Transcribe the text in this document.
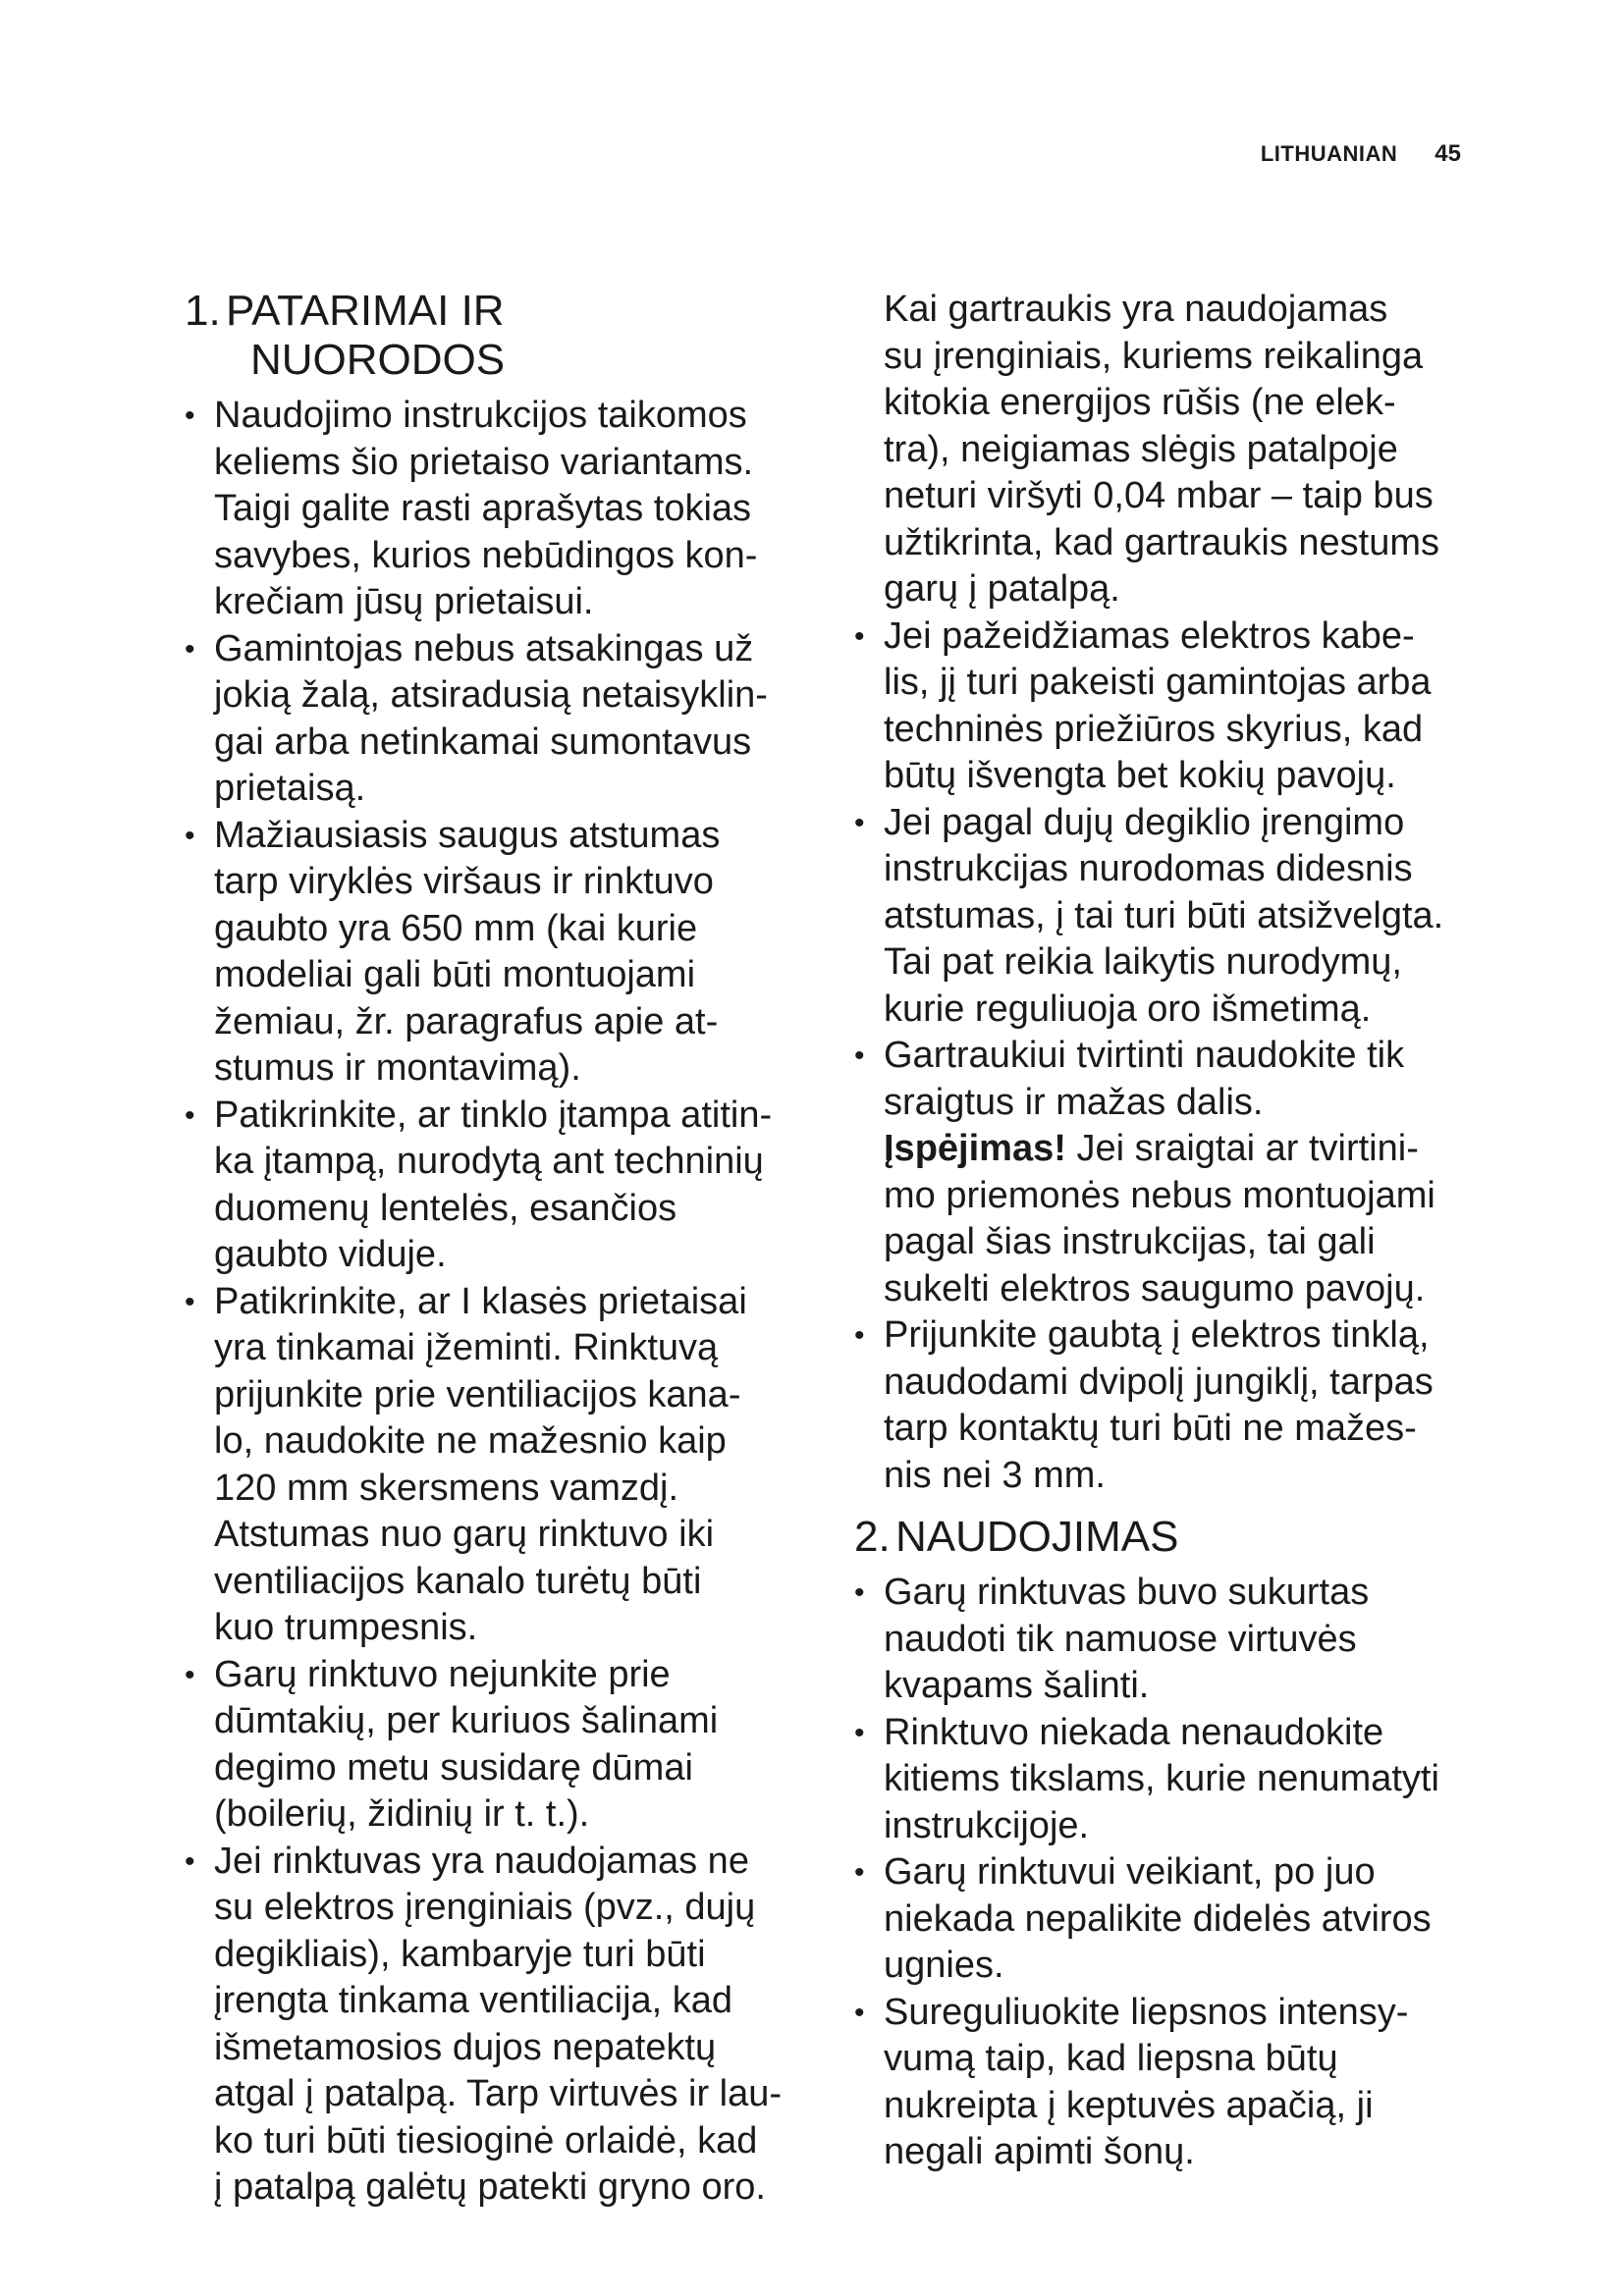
LITHUANIAN 45
1. PATARIMAI IR
NUORODOS
• Naudojimo instrukcijos taikomos
keliems šio prietaiso variantams.
Taigi galite rasti aprašytas tokias
savybes, kurios nebūdingos kon-
krečiam jūsų prietaisui.
• Gamintojas nebus atsakingas už
jokią žalą, atsiradusią netaisyklin-
gai arba netinkamai sumontavus
prietaisą.
• Mažiausiasis saugus atstumas
tarp viryklės viršaus ir rinktuvo
gaubto yra 650 mm (kai kurie
modeliai gali būti montuojami
žemiau, žr. paragrafus apie at-
stumus ir montavimą).
• Patikrinkite, ar tinklo įtampa atitin-
ka įtampą, nurodytą ant techninių
duomenų lentelės, esančios
gaubto viduje.
• Patikrinkite, ar I klasės prietaisai
yra tinkamai įžeminti. Rinktuvą
prijunkite prie ventiliacijos kana-
lo, naudokite ne mažesnio kaip
120 mm skersmens vamzdį.
Atstumas nuo garų rinktuvo iki
ventiliacijos kanalo turėtų būti
kuo trumpesnis.
• Garų rinktuvo nejunkite prie
dūmtakių, per kuriuos šalinami
degimo metu susidarę dūmai
(boilerių, židinių ir t. t.).
• Jei rinktuvas yra naudojamas ne
su elektros įrenginiais (pvz., dujų
degikliais), kambaryje turi būti
įrengta tinkama ventiliacija, kad
išmetamosios dujos nepatektų
atgal į patalpą. Tarp virtuvės ir lau-
ko turi būti tiesioginė orlaidė, kad
į patalpą galėtų patekti gryno oro.

Kai gartraukis yra naudojamas
su įrenginiais, kuriems reikalinga
kitokia energijos rūšis (ne elek-
tra), neigiamas slėgis patalpoje
neturi viršyti 0,04 mbar – taip bus
užtikrinta, kad gartraukis nestums
garų į patalpą.

• Jei pažeidžiamas elektros kabe-
lis, jį turi pakeisti gamintojas arba
techninės priežiūros skyrius, kad
būtų išvengta bet kokių pavojų.
• Jei pagal dujų degiklio įrengimo
instrukcijas nurodomas didesnis
atstumas, į tai turi būti atsižvelgta.
Tai pat reikia laikytis nurodymų,
kurie reguliuoja oro išmetimą.
• Gartraukiui tvirtinti naudokite tik
sraigtus ir mažas dalis.
Įspėjimas! Jei sraigtai ar tvirtini-
mo priemonės nebus montuojami
pagal šias instrukcijas, tai gali
sukelti elektros saugumo pavojų.
• Prijunkite gaubtą į elektros tinklą,
naudodami dvipolį jungiklį, tarpas
tarp kontaktų turi būti ne mažes-
nis nei 3 mm.
2. NAUDOJIMAS
• Garų rinktuvas buvo sukurtas
naudoti tik namuose virtuvės
kvapams šalinti.
• Rinktuvo niekada nenaudokite
kitiems tikslams, kurie nenumatyti
instrukcijoje.
• Garų rinktuvui veikiant, po juo
niekada nepalikite didelės atviros
ugnies.
• Sureguliuokite liepsnos intensy-
vumą taip, kad liepsna būtų
nukreipta į keptuvės apačią, ji
negali apimti šonų.
